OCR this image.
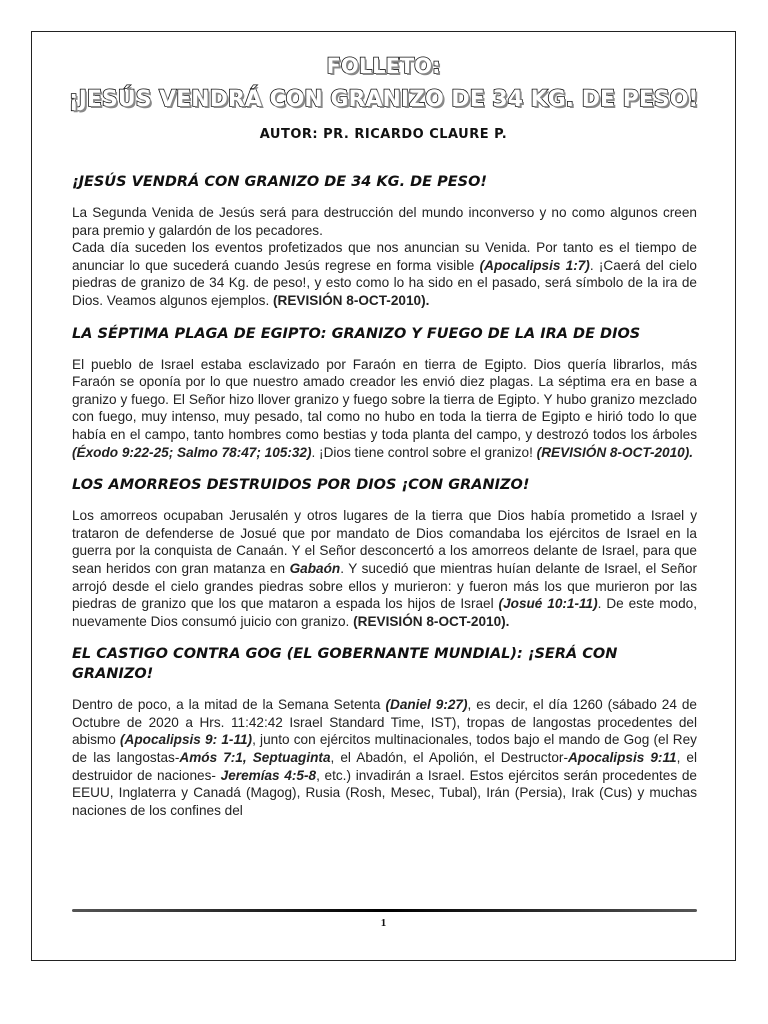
FOLLETO:
¡JESÚS VENDRÁ CON GRANIZO DE 34 KG. DE PESO!
AUTOR: PR. RICARDO CLAURE P.
¡JESÚS VENDRÁ CON GRANIZO DE 34 KG. DE PESO!

La Segunda Venida de Jesús será para destrucción del mundo inconverso y no como algunos creen para premio y galardón de los pecadores.
Cada día suceden los eventos profetizados que nos anuncian su Venida. Por tanto es el tiempo de anunciar lo que sucederá cuando Jesús regrese en forma visible (Apocalipsis 1:7). ¡Caerá del cielo piedras de granizo de 34 Kg. de peso!, y esto como lo ha sido en el pasado, será símbolo de la ira de Dios. Veamos algunos ejemplos. (REVISIÓN 8-OCT-2010).

LA SÉPTIMA PLAGA DE EGIPTO: GRANIZO Y FUEGO DE LA IRA DE DIOS

El pueblo de Israel estaba esclavizado por Faraón en tierra de Egipto. Dios quería librarlos, más Faraón se oponía por lo que nuestro amado creador les envió diez plagas. La séptima era en base a granizo y fuego. El Señor hizo llover granizo y fuego sobre la tierra de Egipto. Y hubo granizo mezclado con fuego, muy intenso, muy pesado, tal como no hubo en toda la tierra de Egipto e hirió todo lo que había en el campo, tanto hombres como bestias y toda planta del campo, y destrozó todos los árboles (Éxodo 9:22-25; Salmo 78:47; 105:32). ¡Dios tiene control sobre el granizo! (REVISIÓN 8-OCT-2010).

LOS AMORREOS DESTRUIDOS POR DIOS ¡CON GRANIZO!

Los amorreos ocupaban Jerusalén y otros lugares de la tierra que Dios había prometido a Israel y trataron de defenderse de Josué que por mandato de Dios comandaba los ejércitos de Israel en la guerra por la conquista de Canaán. Y el Señor desconcertó a los amorreos delante de Israel, para que sean heridos con gran matanza en Gabaón. Y sucedió que mientras huían delante de Israel, el Señor arrojó desde el cielo grandes piedras sobre ellos y murieron: y fueron más los que murieron por las piedras de granizo que los que mataron a espada los hijos de Israel (Josué 10:1-11). De este modo, nuevamente Dios consumó juicio con granizo. (REVISIÓN 8-OCT-2010).

EL CASTIGO CONTRA GOG (EL GOBERNANTE MUNDIAL): ¡SERÁ CON GRANIZO!

Dentro de poco, a la mitad de la Semana Setenta (Daniel 9:27), es decir, el día 1260 (sábado 24 de Octubre de 2020 a Hrs. 11:42:42 Israel Standard Time, IST), tropas de langostas procedentes del abismo (Apocalipsis 9: 1-11), junto con ejércitos multinacionales, todos bajo el mando de Gog (el Rey de las langostas-Amós 7:1, Septuaginta, el Abadón, el Apolión, el Destructor-Apocalipsis 9:11, el destruidor de naciones- Jeremías 4:5-8, etc.) invadirán a Israel. Estos ejércitos serán procedentes de EEUU, Inglaterra y Canadá (Magog), Rusia (Rosh, Mesec, Tubal), Irán (Persia), Irak (Cus) y muchas naciones de los confines del

1
